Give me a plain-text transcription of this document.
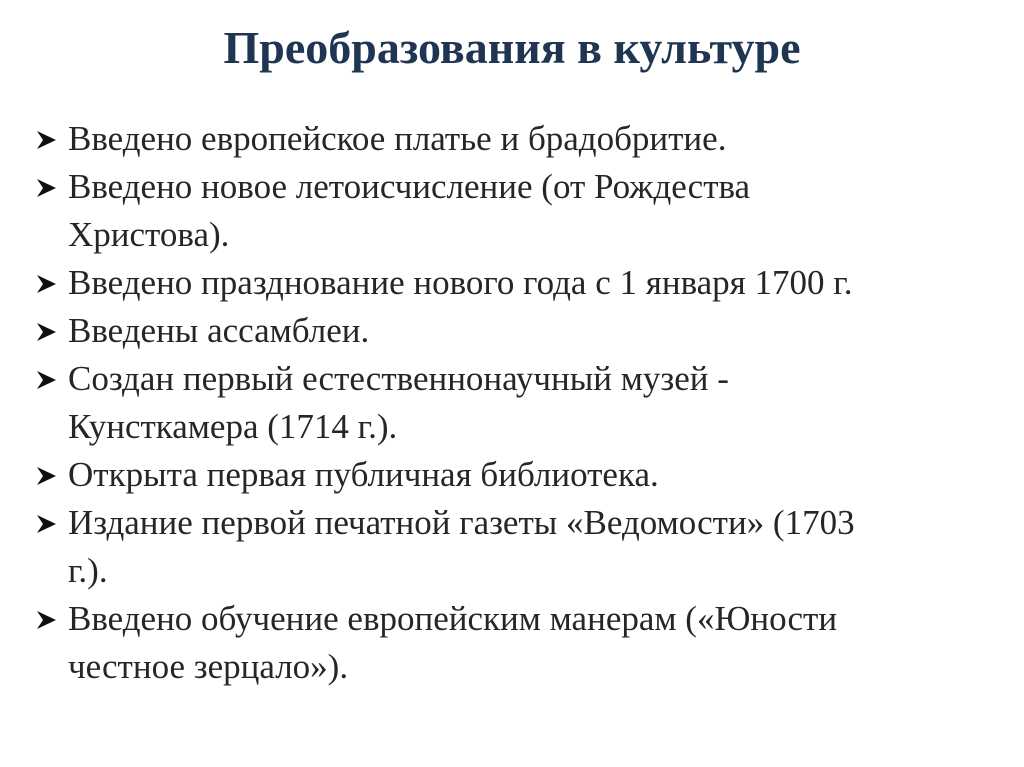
Преобразования в культуре
Введено европейское платье и брадобритие.
Введено новое летоисчисление (от Рождества
Христова).
Введено празднование нового года с 1 января 1700 г.
Введены ассамблеи.
Создан первый естественнонаучный музей -
Кунсткамера (1714 г.).
Открыта первая публичная библиотека.
Издание первой печатной газеты «Ведомости» (1703
г.).
Введено обучение европейским манерам («Юности
честное зерцало»).
